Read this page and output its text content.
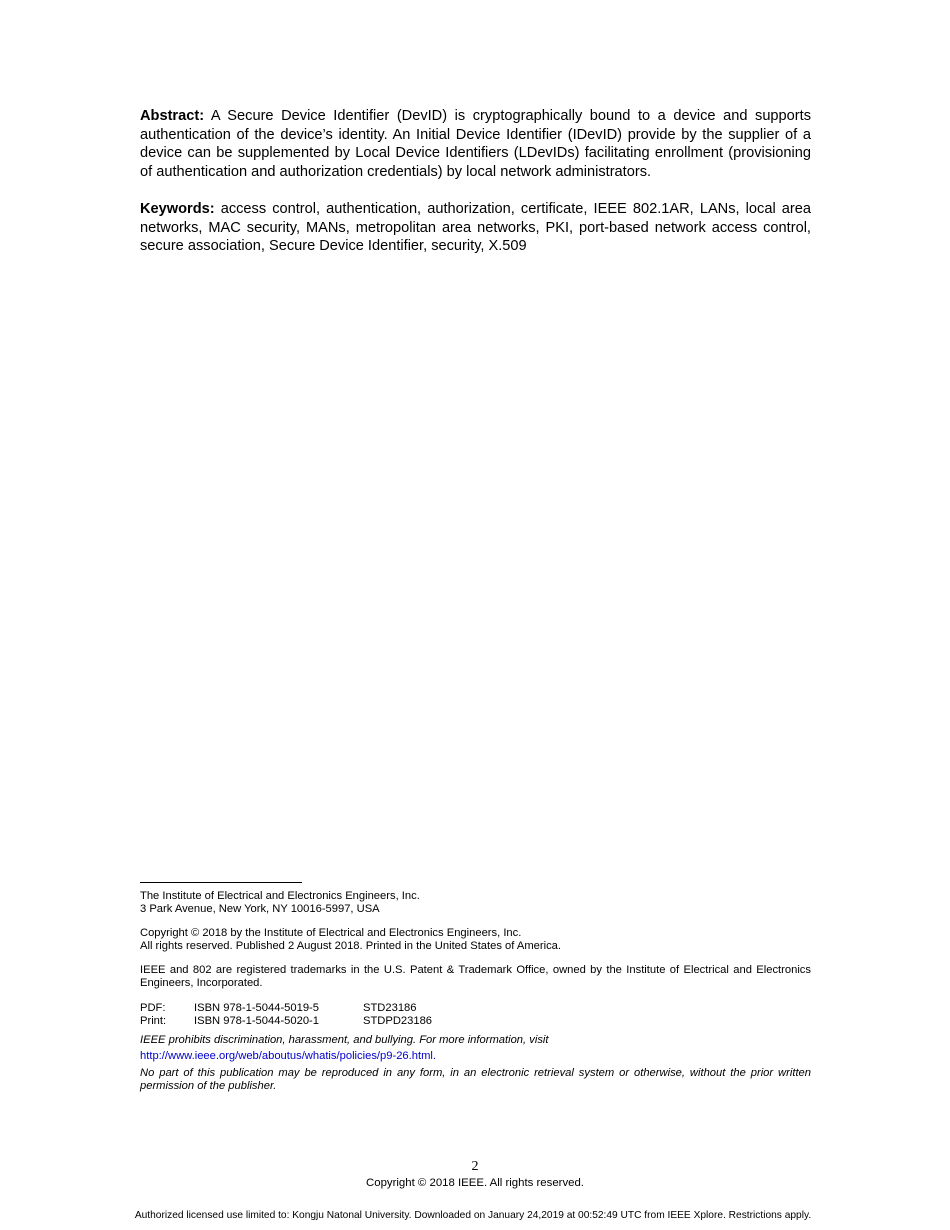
Abstract: A Secure Device Identifier (DevID) is cryptographically bound to a device and supports authentication of the device’s identity. An Initial Device Identifier (IDevID) provide by the supplier of a device can be supplemented by Local Device Identifiers (LDevIDs) facilitating enrollment (provisioning of authentication and authorization credentials) by local network administrators.

Keywords: access control, authentication, authorization, certificate, IEEE 802.1AR, LANs, local area networks, MAC security, MANs, metropolitan area networks, PKI, port-based network access control, secure association, Secure Device Identifier, security, X.509

The Institute of Electrical and Electronics Engineers, Inc.

3 Park Avenue, New York, NY 10016-5997, USA

Copyright © 2018 by the Institute of Electrical and Electronics Engineers, Inc.

All rights reserved. Published 2 August 2018. Printed in the United States of America.

IEEE and 802 are registered trademarks in the U.S. Patent & Trademark Office, owned by the Institute of Electrical and Electronics Engineers, Incorporated.

PDF:	ISBN 978-1-5044-5019-5	STD23186
Print:	ISBN 978-1-5044-5020-1	STDPD23186

IEEE prohibits discrimination, harassment, and bullying. For more information, visit

http://www.ieee.org/web/aboutus/whatis/policies/p9-26.html.

No part of this publication may be reproduced in any form, in an electronic retrieval system or otherwise, without the prior written permission of the publisher.

2
Copyright © 2018 IEEE. All rights reserved.
Authorized licensed use limited to: Kongju Natonal University. Downloaded on January 24,2019 at 00:52:49 UTC from IEEE Xplore. Restrictions apply.
